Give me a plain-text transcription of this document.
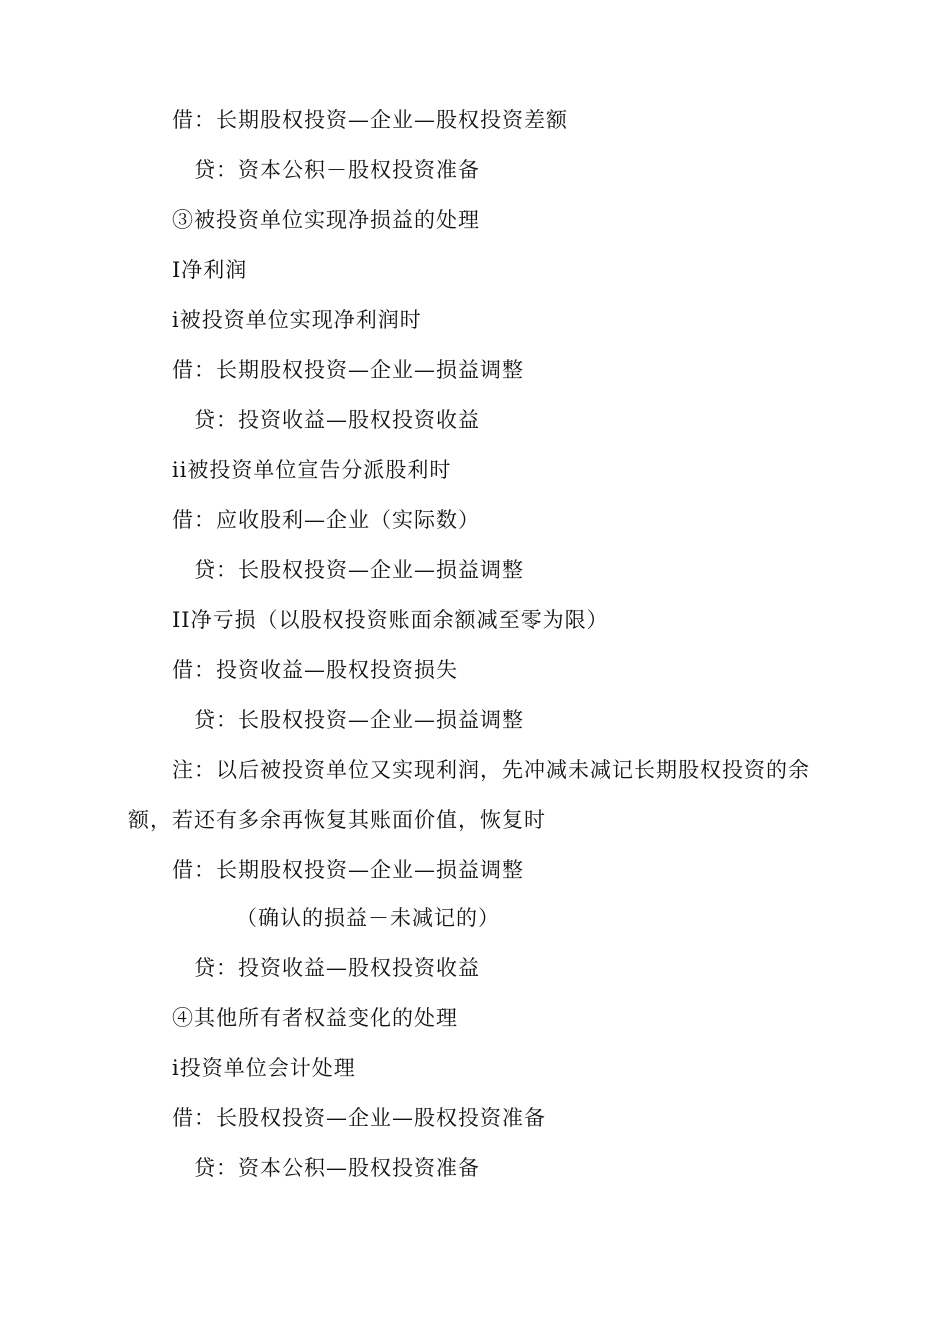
借：长期股权投资—企业—股权投资差额
贷：资本公积－股权投资准备
③被投资单位实现净损益的处理
I净利润
i被投资单位实现净利润时
借：长期股权投资—企业—损益调整
贷：投资收益—股权投资收益
ii被投资单位宣告分派股利时
借：应收股利—企业（实际数）
贷：长股权投资—企业—损益调整
II净亏损（以股权投资账面余额减至零为限）
借：投资收益—股权投资损失
贷：长股权投资—企业—损益调整
注：以后被投资单位又实现利润，先冲减未减记长期股权投资的余
额，若还有多余再恢复其账面价值，恢复时
借：长期股权投资—企业—损益调整
（确认的损益－未减记的）
贷：投资收益—股权投资收益
④其他所有者权益变化的处理
i投资单位会计处理
借：长股权投资—企业—股权投资准备
贷：资本公积—股权投资准备
